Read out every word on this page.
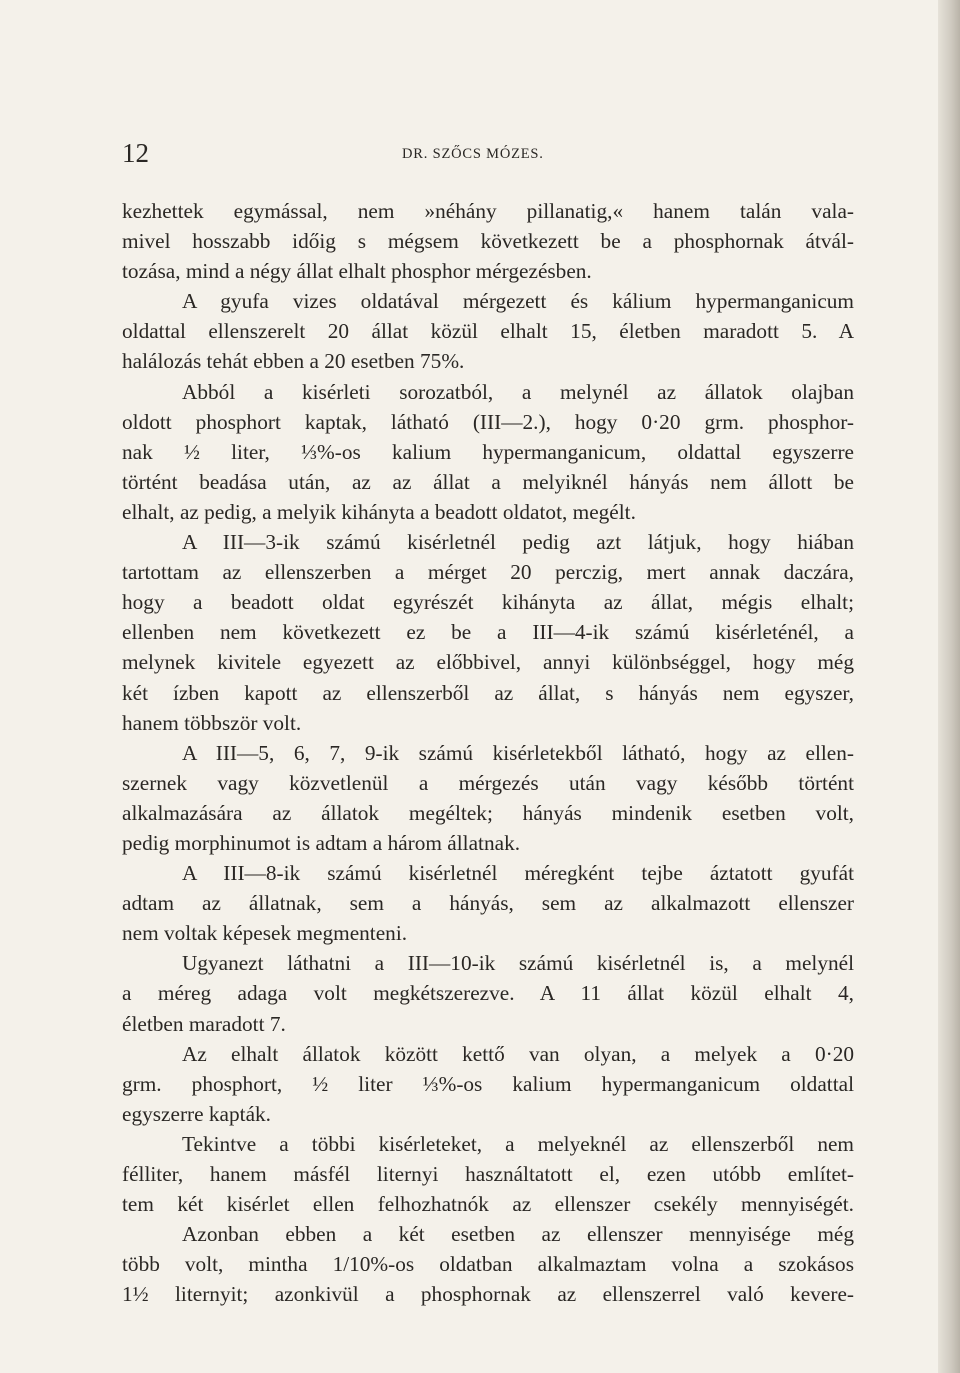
12	DR. SZŐCS MÓZES.
kezhettek egymással, nem »néhány pillanatig,« hanem talán vala-
mivel hosszabb időig s mégsem következett be a phosphornak átvál-
tozása, mind a négy állat elhalt phosphor mérgezésben.
A gyufa vizes oldatával mérgezett és kálium hypermanganicum
oldattal ellenszerelt 20 állat közül elhalt 15, életben maradott 5. A
halálozás tehát ebben a 20 esetben 75%.
Abból a kisérleti sorozatból, a melynél az állatok olajban
oldott phosphort kaptak, látható (III—2.), hogy 0·20 grm. phosphor-
nak ½ liter, ⅓%-os kalium hypermanganicum, oldattal egyszerre
történt beadása után, az az állat a melyiknél hányás nem állott be
elhalt, az pedig, a melyik kihányta a beadott oldatot, megélt.
A III—3-ik számú kisérletnél pedig azt látjuk, hogy hiában
tartottam az ellenszerben a mérget 20 perczig, mert annak daczára,
hogy a beadott oldat egyrészét kihányta az állat, mégis elhalt;
ellenben nem következett ez be a III—4-ik számú kisérleténél, a
melynek kivitele egyezett az előbbivel, annyi különbséggel, hogy még
két ízben kapott az ellenszerből az állat, s hányás nem egyszer,
hanem többször volt.
A III—5, 6, 7, 9-ik számú kisérletekből látható, hogy az ellen-
szernek vagy közvetlenül a mérgezés után vagy később történt
alkalmazására az állatok megéltek; hányás mindenik esetben volt,
pedig morphinumot is adtam a három állatnak.
A III—8-ik számú kisérletnél méregként tejbe áztatott gyufát
adtam az állatnak, sem a hányás, sem az alkalmazott ellenszer
nem voltak képesek megmenteni.
Ugyanezt láthatni a III—10-ik számú kisérletnél is, a melynél
a méreg adaga volt megkétszerezve. A 11 állat közül elhalt 4,
életben maradott 7.
Az elhalt állatok között kettő van olyan, a melyek a 0·20
grm. phosphort, ½ liter ⅓%-os kalium hypermanganicum oldattal
egyszerre kapták.
Tekintve a többi kisérleteket, a melyeknél az ellenszerből nem
félliter, hanem másfél liternyi használtatott el, ezen utóbb említet-
tem két kisérlet ellen felhozhatnók az ellenszer csekély mennyiségét.
Azonban ebben a két esetben az ellenszer mennyisége még
több volt, mintha 1/10%-os oldatban alkalmaztam volna a szokásos
1½ liternyit; azonkivül a phosphornak az ellenszerrel való kevere-
